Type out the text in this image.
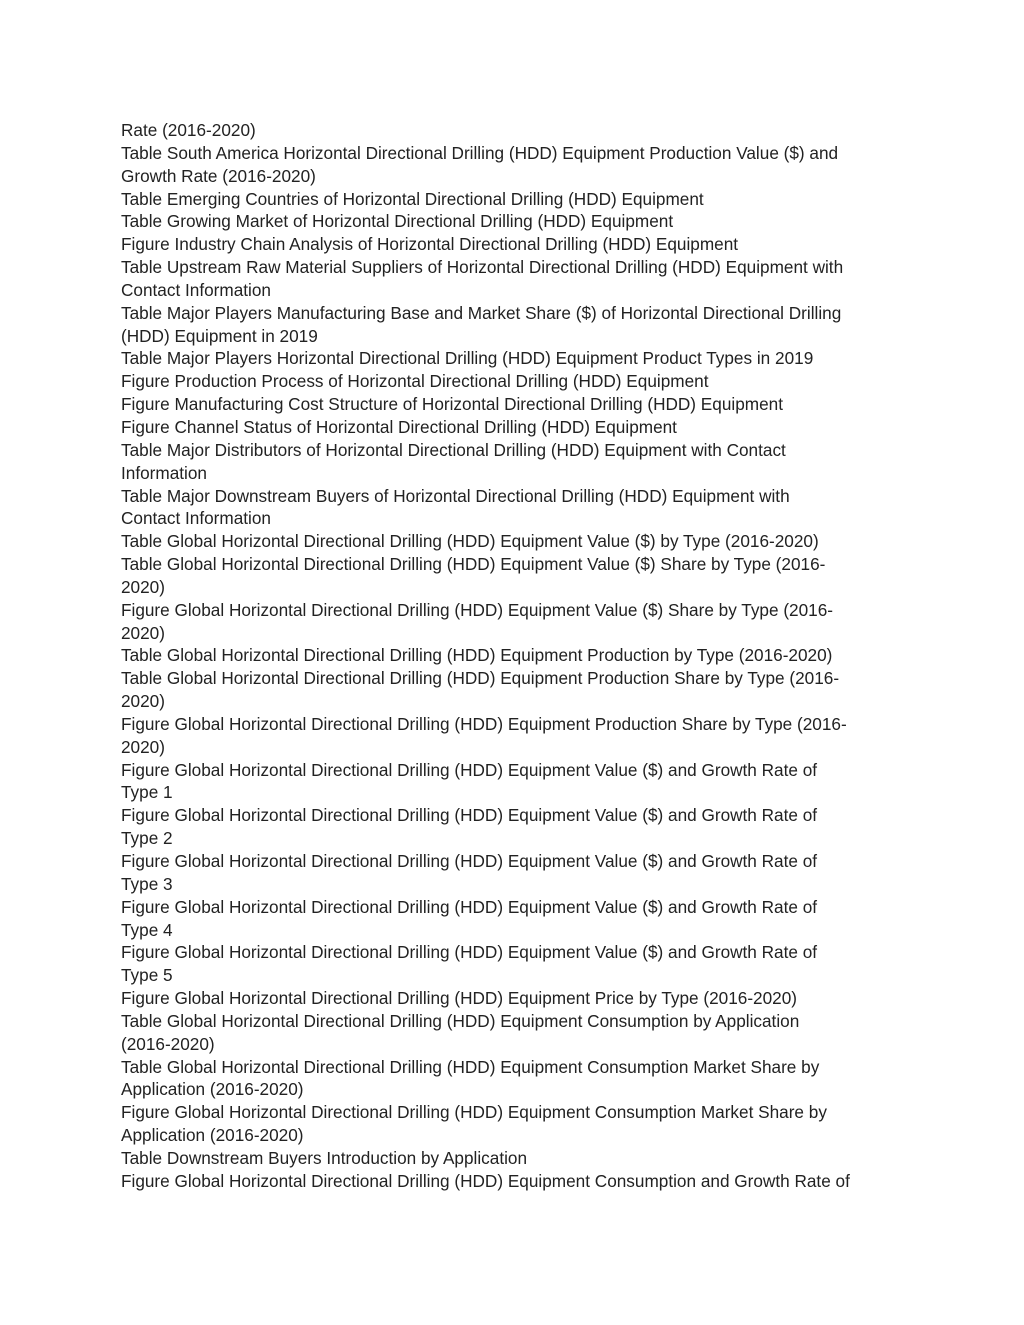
Rate (2016-2020)
Table South America Horizontal Directional Drilling (HDD) Equipment Production Value ($) and
Growth Rate (2016-2020)
Table Emerging Countries of Horizontal Directional Drilling (HDD) Equipment
Table Growing Market of Horizontal Directional Drilling (HDD) Equipment
Figure Industry Chain Analysis of Horizontal Directional Drilling (HDD) Equipment
Table Upstream Raw Material Suppliers of Horizontal Directional Drilling (HDD) Equipment with
Contact Information
Table Major Players Manufacturing Base and Market Share ($) of Horizontal Directional Drilling
(HDD) Equipment in 2019
Table Major Players Horizontal Directional Drilling (HDD) Equipment Product Types in 2019
Figure Production Process of Horizontal Directional Drilling (HDD) Equipment
Figure Manufacturing Cost Structure of Horizontal Directional Drilling (HDD) Equipment
Figure Channel Status of Horizontal Directional Drilling (HDD) Equipment
Table Major Distributors of Horizontal Directional Drilling (HDD) Equipment with Contact
Information
Table Major Downstream Buyers of Horizontal Directional Drilling (HDD) Equipment with
Contact Information
Table Global Horizontal Directional Drilling (HDD) Equipment Value ($) by Type (2016-2020)
Table Global Horizontal Directional Drilling (HDD) Equipment Value ($) Share by Type (2016-
2020)
Figure Global Horizontal Directional Drilling (HDD) Equipment Value ($) Share by Type (2016-
2020)
Table Global Horizontal Directional Drilling (HDD) Equipment Production by Type (2016-2020)
Table Global Horizontal Directional Drilling (HDD) Equipment Production Share by Type (2016-
2020)
Figure Global Horizontal Directional Drilling (HDD) Equipment Production Share by Type (2016-
2020)
Figure Global Horizontal Directional Drilling (HDD) Equipment Value ($) and Growth Rate of
Type 1
Figure Global Horizontal Directional Drilling (HDD) Equipment Value ($) and Growth Rate of
Type 2
Figure Global Horizontal Directional Drilling (HDD) Equipment Value ($) and Growth Rate of
Type 3
Figure Global Horizontal Directional Drilling (HDD) Equipment Value ($) and Growth Rate of
Type 4
Figure Global Horizontal Directional Drilling (HDD) Equipment Value ($) and Growth Rate of
Type 5
Figure Global Horizontal Directional Drilling (HDD) Equipment Price by Type (2016-2020)
Table Global Horizontal Directional Drilling (HDD) Equipment Consumption by Application
(2016-2020)
Table Global Horizontal Directional Drilling (HDD) Equipment Consumption Market Share by
Application (2016-2020)
Figure Global Horizontal Directional Drilling (HDD) Equipment Consumption Market Share by
Application (2016-2020)
Table Downstream Buyers Introduction by Application
Figure Global Horizontal Directional Drilling (HDD) Equipment Consumption and Growth Rate of
